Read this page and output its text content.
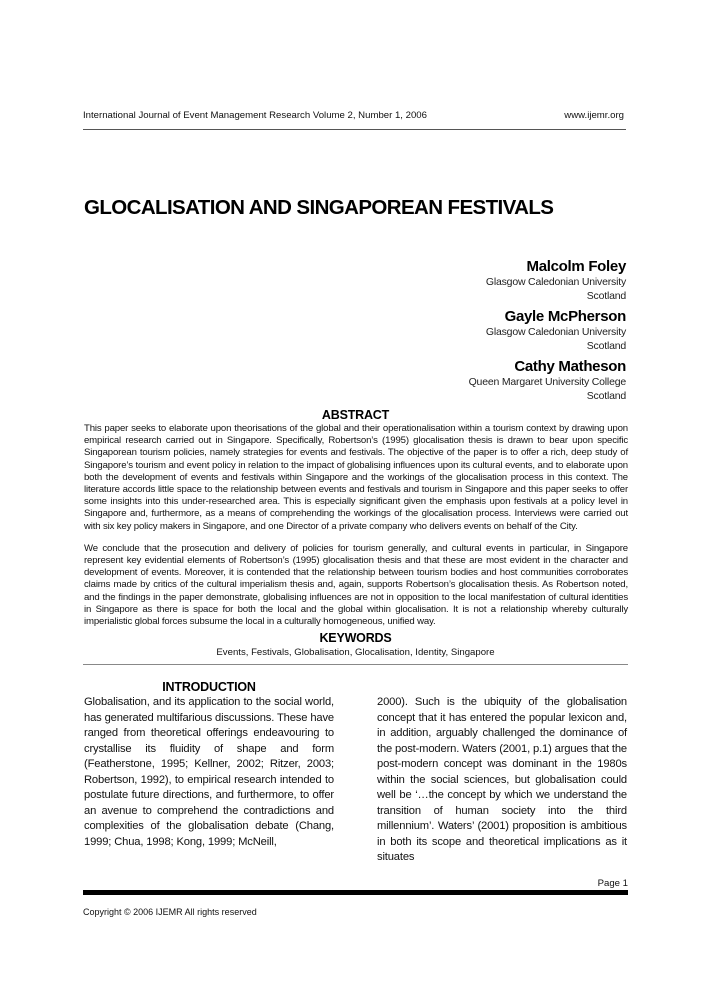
International Journal of Event Management Research Volume 2, Number 1, 2006	www.ijemr.org
GLOCALISATION AND SINGAPOREAN FESTIVALS
Malcolm Foley
Glasgow Caledonian University
Scotland
Gayle McPherson
Glasgow Caledonian University
Scotland
Cathy Matheson
Queen Margaret University College
Scotland
ABSTRACT

This paper seeks to elaborate upon theorisations of the global and their operationalisation within a tourism context by drawing upon empirical research carried out in Singapore. Specifically, Robertson’s (1995) glocalisation thesis is drawn to bear upon specific Singaporean tourism policies, namely strategies for events and festivals. The objective of the paper is to offer a rich, deep study of Singapore’s tourism and event policy in relation to the impact of globalising influences upon its cultural events, and to elaborate upon both the development of events and festivals within Singapore and the workings of the glocalisation process in this context. The literature accords little space to the relationship between events and festivals and tourism in Singapore and this paper seeks to offer some insights into this under-researched area. This is especially significant given the emphasis upon festivals at a policy level in Singapore and, furthermore, as a means of comprehending the workings of the glocalisation process. Interviews were carried out with six key policy makers in Singapore, and one Director of a private company who delivers events on behalf of the City.

We conclude that the prosecution and delivery of policies for tourism generally, and cultural events in particular, in Singapore represent key evidential elements of Robertson’s (1995) glocalisation thesis and that these are most evident in the character and development of events. Moreover, it is contended that the relationship between tourism bodies and host communities corroborates claims made by critics of the cultural imperialism thesis and, again, supports Robertson’s glocalisation thesis. As Robertson noted, and the findings in the paper demonstrate, globalising influences are not in opposition to the local manifestation of cultural identities in Singapore as there is space for both the local and the global within glocalisation. It is not a relationship whereby culturally imperialistic global forces subsume the local in a culturally homogeneous, unified way.

KEYWORDS
Events, Festivals, Globalisation, Glocalisation, Identity, Singapore
INTRODUCTION
Globalisation, and its application to the social world, has generated multifarious discussions. These have ranged from theoretical offerings endeavouring to crystallise its fluidity of shape and form (Featherstone, 1995; Kellner, 2002; Ritzer, 2003; Robertson, 1992), to empirical research intended to postulate future directions, and furthermore, to offer an avenue to comprehend the contradictions and complexities of the globalisation debate (Chang, 1999; Chua, 1998; Kong, 1999; McNeill,
2000). Such is the ubiquity of the globalisation concept that it has entered the popular lexicon and, in addition, arguably challenged the dominance of the post-modern. Waters (2001, p.1) argues that the post-modern concept was dominant in the 1980s within the social sciences, but globalisation could well be ‘…the concept by which we understand the transition of human society into the third millennium’. Waters’ (2001) proposition is ambitious in both its scope and theoretical implications as it situates
Page 1
Copyright © 2006 IJEMR All rights reserved
